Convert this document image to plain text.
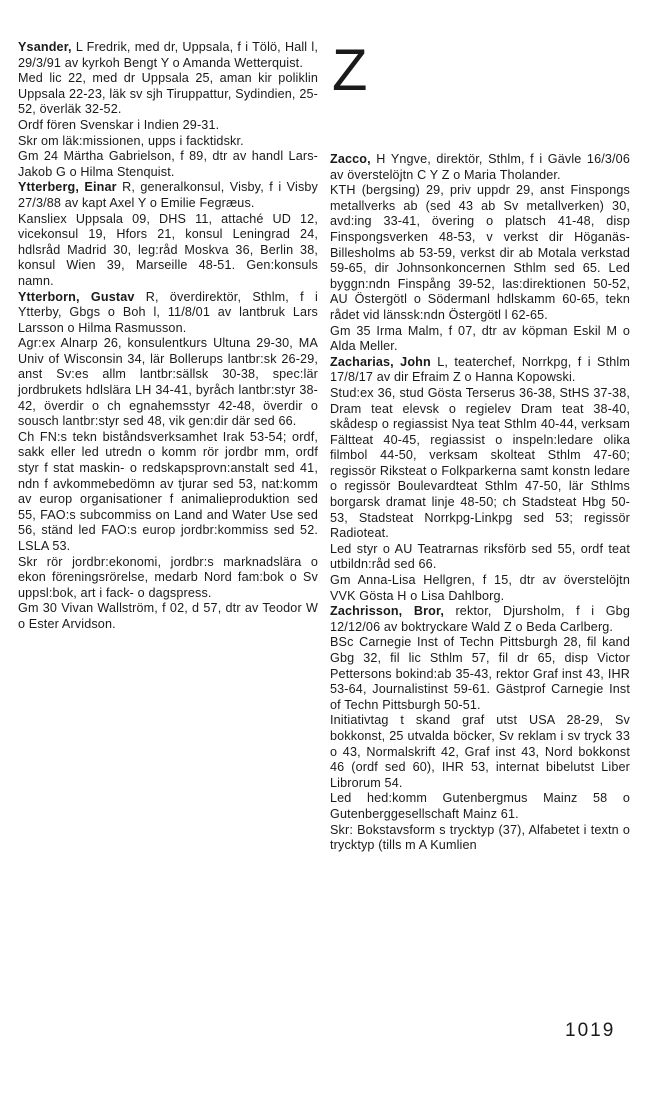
Ysander, L Fredrik, med dr, Uppsala, f i Tölö, Hall l, 29/3/91 av kyrkoh Bengt Y o Amanda Wetterquist.

Med lic 22, med dr Uppsala 25, aman kir poliklin Uppsala 22-23, läk sv sjh Tiruppattur, Sydindien, 25-52, överläk 32-52.

Ordf fören Svenskar i Indien 29-31.

Skr om läk:missionen, upps i facktidskr.

Gm 24 Märtha Gabrielson, f 89, dtr av handl Lars-Jakob G o Hilma Stenquist.

Ytterberg, Einar R, generalkonsul, Visby, f i Visby 27/3/88 av kapt Axel Y o Emilie Fegræus.

Kansliex Uppsala 09, DHS 11, attaché UD 12, vicekonsul 19, Hfors 21, konsul Leningrad 24, hdlsråd Madrid 30, leg:råd Moskva 36, Berlin 38, konsul Wien 39, Marseille 48-51. Gen:konsuls namn.

Ytterborn, Gustav R, överdirektör, Sthlm, f i Ytterby, Gbgs o Boh l, 11/8/01 av lantbruk Lars Larsson o Hilma Rasmusson.

Agr:ex Alnarp 26, konsulentkurs Ultuna 29-30, MA Univ of Wisconsin 34, lär Bollerups lantbr:sk 26-29, anst Sv:es allm lantbr:sällsk 30-38, spec:lär jordbrukets hdlslära LH 34-41, byråch lantbr:styr 38-42, överdir o ch egnahemsstyr 42-48, överdir o sousch lantbr:styr sed 48, vik gen:dir där sed 66.

Ch FN:s tekn biståndsverksamhet Irak 53-54; ordf, sakk eller led utredn o komm rör jordbr mm, ordf styr f stat maskin- o redskapsprovn:anstalt sed 41, ndn f avkommebedömn av tjurar sed 53, nat:komm av europ organisationer f animalieproduktion sed 55, FAO:s subcommiss on Land and Water Use sed 56, ständ led FAO:s europ jordbr:kommiss sed 52. LSLA 53.

Skr rör jordbr:ekonomi, jordbr:s marknadslära o ekon föreningsrörelse, medarb Nord fam:bok o Sv uppsl:bok, art i fack- o dagspress.

Gm 30 Vivan Wallström, f 02, d 57, dtr av Teodor W o Ester Arvidson.

Z

Zacco, H Yngve, direktör, Sthlm, f i Gävle 16/3/06 av överstelöjtn C Y Z o Maria Tholander.

KTH (bergsing) 29, priv uppdr 29, anst Finspongs metallverks ab (sed 43 ab Sv metallverken) 30, avd:ing 33-41, övering o platsch 41-48, disp Finspongsverken 48-53, v verkst dir Höganäs-Billesholms ab 53-59, verkst dir ab Motala verkstad 59-65, dir Johnsonkoncernen Sthlm sed 65. Led byggn:ndn Finspång 39-52, las:direktionen 50-52, AU Östergötl o Södermanl hdlskamm 60-65, tekn rådet vid länssk:ndn Östergötl l 62-65.

Gm 35 Irma Malm, f 07, dtr av köpman Eskil M o Alda Meller.

Zacharias, John L, teaterchef, Norrkpg, f i Sthlm 17/8/17 av dir Efraim Z o Hanna Kopowski.

Stud:ex 36, stud Gösta Terserus 36-38, StHS 37-38, Dram teat elevsk o regielev Dram teat 38-40, skådesp o regiassist Nya teat Sthlm 40-44, verksam Fältteat 40-45, regiassist o inspeln:ledare olika filmbol 44-50, verksam skolteat Sthlm 47-60; regissör Riksteat o Folkparkerna samt konstn ledare o regissör Boulevardteat Sthlm 47-50, lär Sthlms borgarsk dramat linje 48-50; ch Stadsteat Hbg 50-53, Stadsteat Norrkpg-Linkpg sed 53; regissör Radioteat.

Led styr o AU Teatrarnas riksförb sed 55, ordf teat utbildn:råd sed 66.

Gm Anna-Lisa Hellgren, f 15, dtr av överstelöjtn VVK Gösta H o Lisa Dahlborg.

Zachrisson, Bror, rektor, Djursholm, f i Gbg 12/12/06 av boktryckare Wald Z o Beda Carlberg.

BSc Carnegie Inst of Techn Pittsburgh 28, fil kand Gbg 32, fil lic Sthlm 57, fil dr 65, disp Victor Pettersons bokind:ab 35-43, rektor Graf inst 43, IHR 53-64, Journalistinst 59-61. Gästprof Carnegie Inst of Techn Pittsburgh 50-51.

Initiativtag t skand graf utst USA 28-29, Sv bokkonst, 25 utvalda böcker, Sv reklam i sv tryck 33 o 43, Normalskrift 42, Graf inst 43, Nord bokkonst 46 (ordf sed 60), IHR 53, internat bibelutst Liber Librorum 54.

Led hed:komm Gutenbergmus Mainz 58 o Gutenberggesellschaft Mainz 61.

Skr: Bokstavsform s trycktyp (37), Alfabetet i textn o trycktyp (tills m A Kumlien

1019
